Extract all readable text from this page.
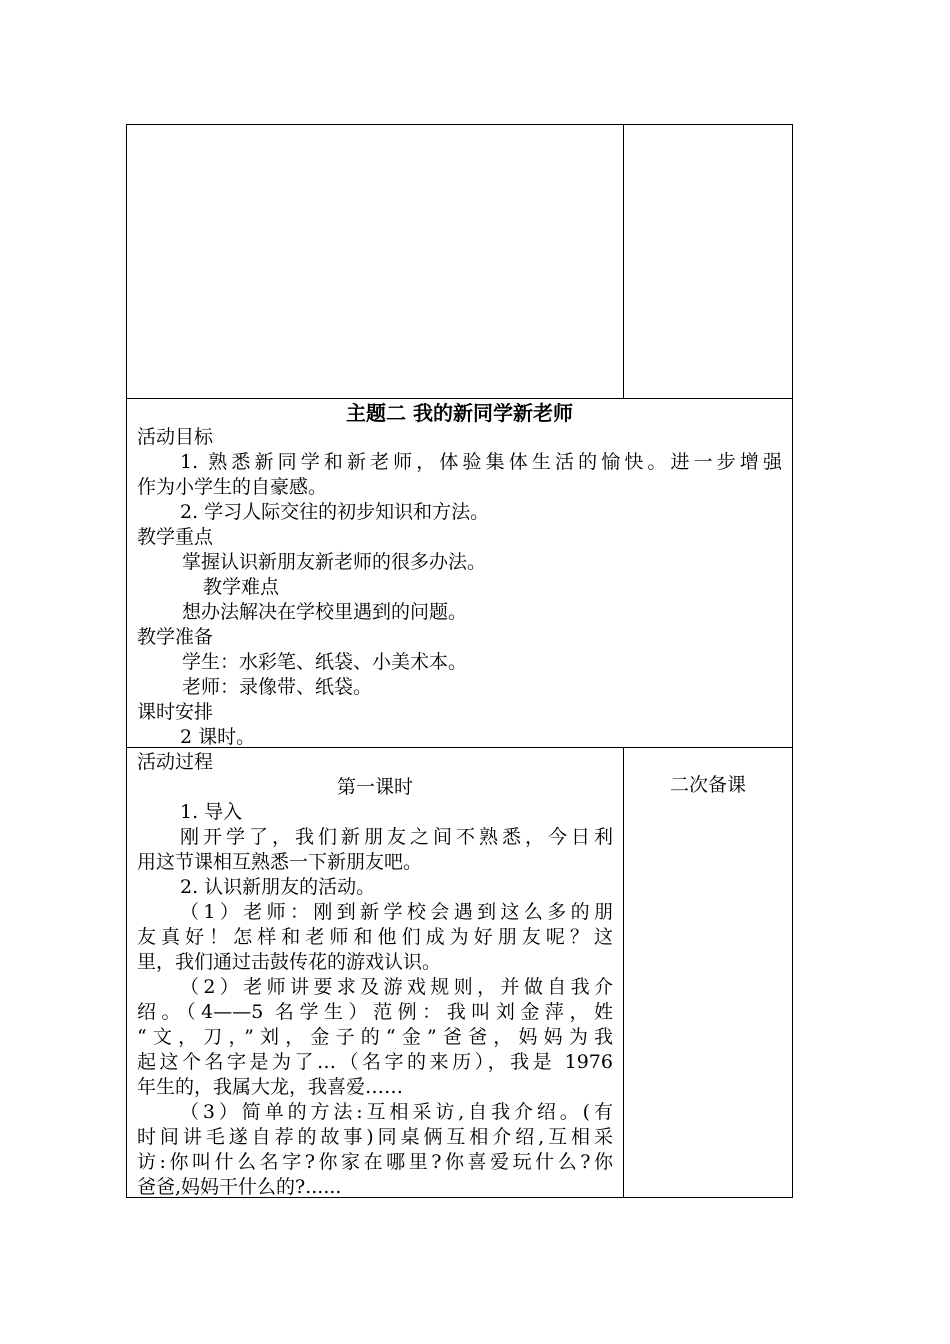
主题二 我的新同学新老师
活动目标
1. 熟悉新同学和新老师，体验集体生活的愉快。进一步增强
作为小学生的自豪感。
2. 学习人际交往的初步知识和方法。
教学重点
掌握认识新朋友新老师的很多办法。
教学难点
想办法解决在学校里遇到的问题。
教学准备
学生：水彩笔、纸袋、小美术本。
老师：录像带、纸袋。
课时安排
2 课时。
活动过程
第一课时	二次备课
1. 导入
刚开学了，我们新朋友之间不熟悉，今日利
用这节课相互熟悉一下新朋友吧。
2. 认识新朋友的活动。
（1）老师：刚到新学校会遇到这么多的朋
友真好！怎样和老师和他们成为好朋友呢？这
里，我们通过击鼓传花的游戏认识。
（2）老师讲要求及游戏规则，并做自我介
绍。（4——5 名学生）范例：我叫刘金萍，姓
“文，刀，”刘，金子的“金”爸爸，妈妈为我
起这个名字是为了…（名字的来历），我是 1976
年生的，我属大龙，我喜爱……
（3）简单的方法:互相采访,自我介绍。(有
时间讲毛遂自荐的故事)同桌俩互相介绍,互相采
访:你叫什么名字?你家在哪里?你喜爱玩什么?你
爸爸,妈妈干什么的?......
